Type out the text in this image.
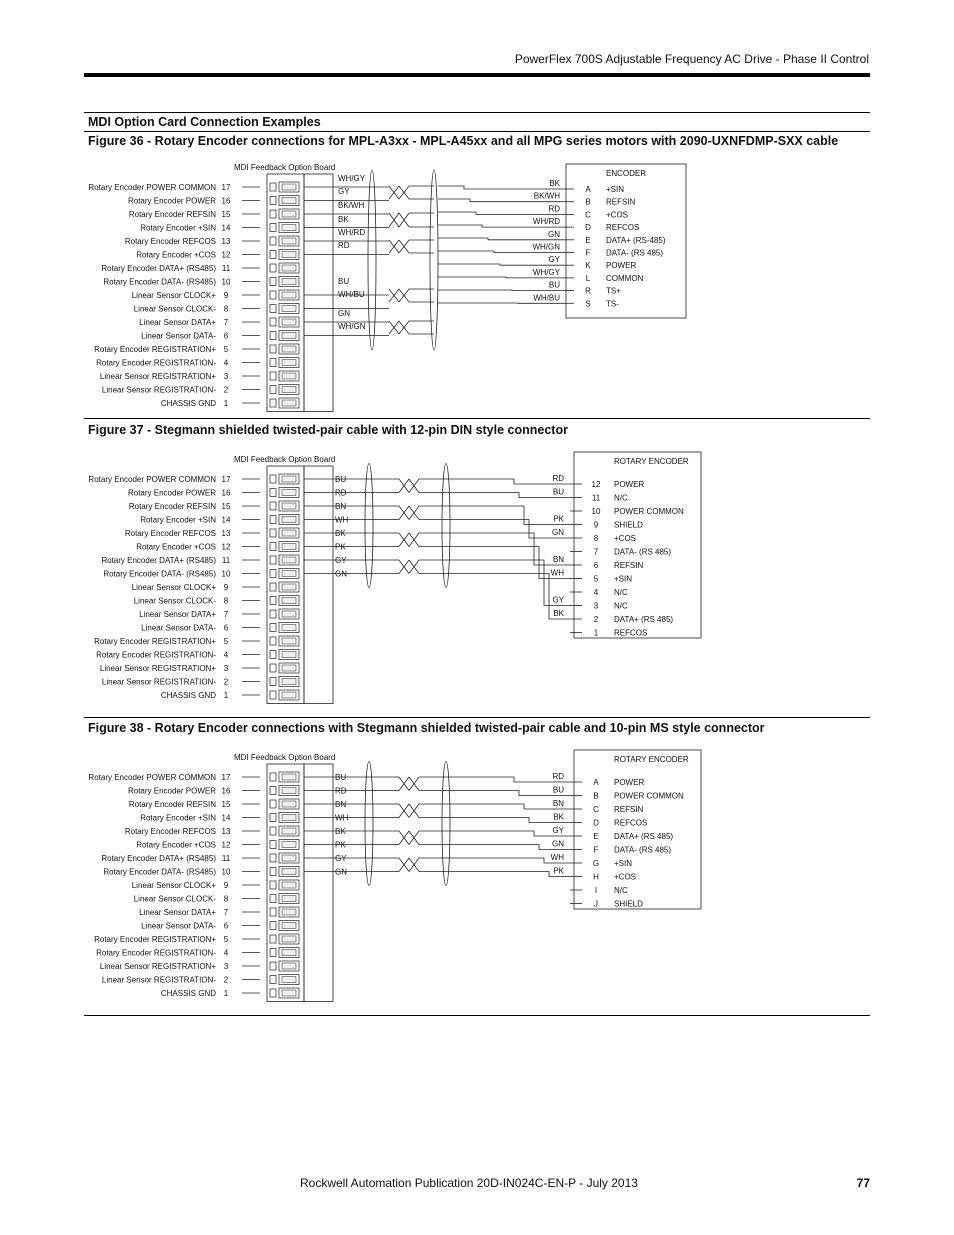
PowerFlex 700S Adjustable Frequency AC Drive - Phase II Control
MDI Option Card Connection Examples
Figure 36 - Rotary Encoder connections for MPL-A3xx - MPL-A45xx and all MPG series motors with 2090-UXNFDMP-SXX cable
MDI Feedback Option Board
Rotary Encoder POWER COMMON 17
Rotary Encoder POWER 16
Rotary Encoder REFSIN 15
Rotary Encoder +SIN 14
Rotary Encoder REFCOS 13
Rotary Encoder +COS 12
Rotary Encoder DATA+ (RS485) 11
Rotary Encoder DATA- (RS485) 10
Linear Sensor CLOCK+ 9
Linear Sensor CLOCK- 8
Linear Sensor DATA+ 7
Linear Sensor DATA- 6
Rotary Encoder REGISTRATION+ 5
Rotary Encoder REGISTRATION- 4
Linear Sensor REGISTRATION+ 3
Linear Sensor REGISTRATION- 2
CHASSIS GND 1
ENCODER
A +SIN
B REFSIN
C +COS
D REFCOS
E DATA+ (RS-485)
F DATA- (RS 485)
K POWER
L COMMON
R TS+
S TS-
WH/GY
GY
BK/WH
BK
WH/RD
RD
BU
WH/BU
GN
WH/GN
BK
BK/WH
RD
WH/RD
GN
WH/GN
GY
WH/GY
BU
WH/BU
Figure 37 - Stegmann shielded twisted-pair cable with 12-pin DIN style connector
MDI Feedback Option Board
Rotary Encoder POWER COMMON 17
Rotary Encoder POWER 16
Rotary Encoder REFSIN 15
Rotary Encoder +SIN 14
Rotary Encoder REFCOS 13
Rotary Encoder +COS 12
Rotary Encoder DATA+ (RS485) 11
Rotary Encoder DATA- (RS485) 10
Linear Sensor CLOCK+ 9
Linear Sensor CLOCK- 8
Linear Sensor DATA+ 7
Linear Sensor DATA- 6
Rotary Encoder REGISTRATION+ 5
Rotary Encoder REGISTRATION- 4
Linear Sensor REGISTRATION+ 3
Linear Sensor REGISTRATION- 2
CHASSIS GND 1
ROTARY ENCODER
12 POWER
11 N/C
10 POWER COMMON
9 SHIELD
8 +COS
7 DATA- (RS 485)
6 REFSIN
5 +SIN
4 N/C
3 N/C
2 DATA+ (RS 485)
1 REFCOS
BU
RD
BN
WH
BK
PK
GY
GN
RD
BU
PK
GN
BN
WH
GY
BK
Figure 38 - Rotary Encoder connections with Stegmann shielded twisted-pair cable and 10-pin MS style connector
MDI Feedback Option Board
Rotary Encoder POWER COMMON 17
Rotary Encoder POWER 16
Rotary Encoder REFSIN 15
Rotary Encoder +SIN 14
Rotary Encoder REFCOS 13
Rotary Encoder +COS 12
Rotary Encoder DATA+ (RS485) 11
Rotary Encoder DATA- (RS485) 10
Linear Sensor CLOCK+ 9
Linear Sensor CLOCK- 8
Linear Sensor DATA+ 7
Linear Sensor DATA- 6
Rotary Encoder REGISTRATION+ 5
Rotary Encoder REGISTRATION- 4
Linear Sensor REGISTRATION+ 3
Linear Sensor REGISTRATION- 2
CHASSIS GND 1
ROTARY ENCODER
A POWER
B POWER COMMON
C REFSIN
D REFCOS
E DATA+ (RS 485)
F DATA- (RS 485)
G +SIN
H +COS
I N/C
J SHIELD
BU
RD
BN
WH
BK
PK
GY
GN
RD
BU
BN
BK
GY
GN
WH
PK
Rockwell Automation Publication 20D-IN024C-EN-P - July 2013	77
